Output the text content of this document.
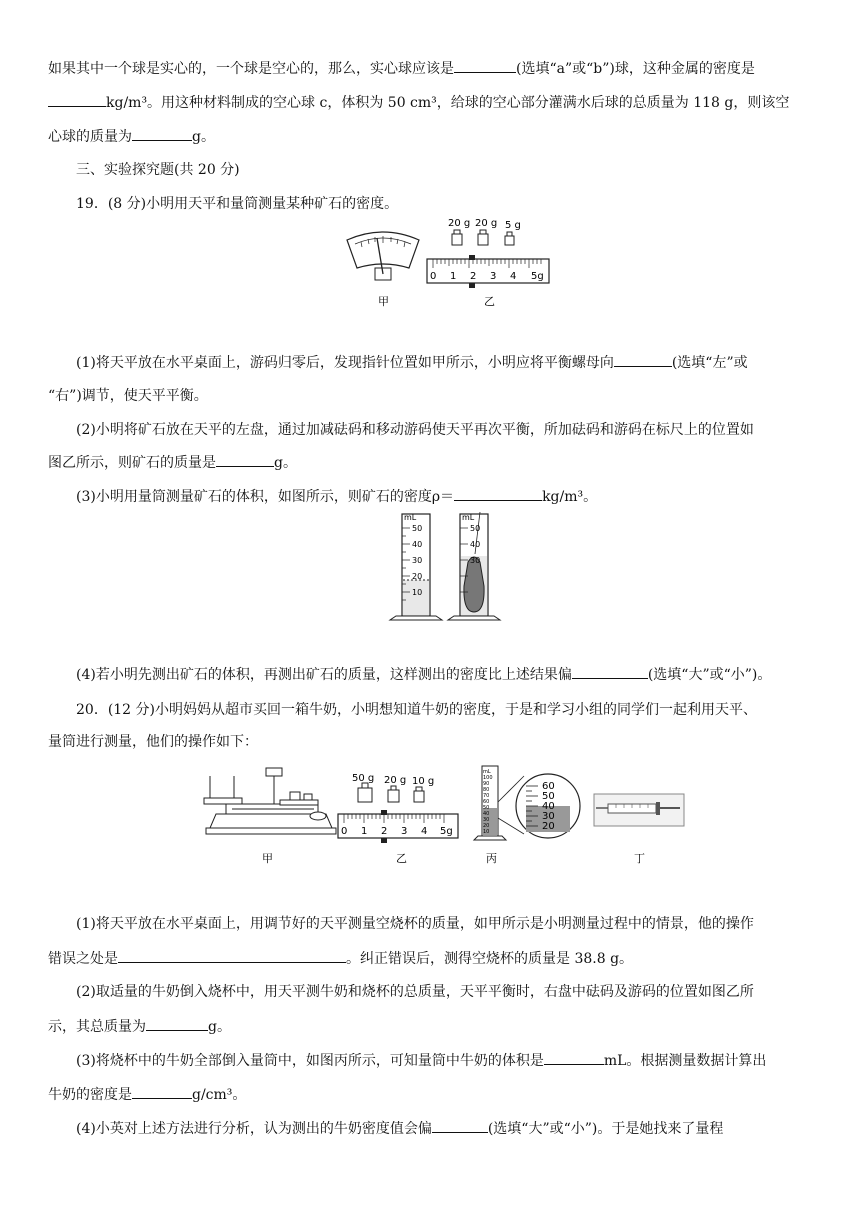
如果其中一个球是实心的，一个球是空心的，那么，实心球应该是	(选填“a”或“b”)球，这种金属的密度是
kg/m³。用这种材料制成的空心球 c，体积为 50 cm³，给球的空心部分灌满水后球的总质量为 118 g，则该空
心球的质量为	g。
三、实验探究题(共 20 分)
19．(8 分)小明用天平和量筒测量某种矿石的密度。
20 g 20 g 5 g
0 1 2 3 4 5g
甲	乙
(1)将天平放在水平桌面上，游码归零后，发现指针位置如甲所示，小明应将平衡螺母向	(选填“左”或
“右”)调节，使天平平衡。
(2)小明将矿石放在天平的左盘，通过加减砝码和移动游码使天平再次平衡，所加砝码和游码在标尺上的位置如
图乙所示，则矿石的质量是	g。
(3)小明用量筒测量矿石的体积，如图所示，则矿石的密度ρ＝	kg/m³。
mL
50
40
30
20
10
mL
50
40
30
(4)若小明先测出矿石的体积，再测出矿石的质量，这样测出的密度比上述结果偏	(选填“大”或“小”)。
20．(12 分)小明妈妈从超市买回一箱牛奶，小明想知道牛奶的密度，于是和学习小组的同学们一起利用天平、
量筒进行测量，他们的操作如下：
50 g 20 g 10 g
0 1 2 3 4 5g
mL
100
90
80
70
60
50
40
30
20
10
60
50
40
30
20
甲	乙	丙	丁
(1)将天平放在水平桌面上，用调节好的天平测量空烧杯的质量，如甲所示是小明测量过程中的情景，他的操作
错误之处是	。纠正错误后，测得空烧杯的质量是 38.8 g。
(2)取适量的牛奶倒入烧杯中，用天平测牛奶和烧杯的总质量，天平平衡时，右盘中砝码及游码的位置如图乙所
示，其总质量为	g。
(3)将烧杯中的牛奶全部倒入量筒中，如图丙所示，可知量筒中牛奶的体积是	mL。根据测量数据计算出
牛奶的密度是	g/cm³。
(4)小英对上述方法进行分析，认为测出的牛奶密度值会偏	(选填“大”或“小”)。于是她找来了量程
